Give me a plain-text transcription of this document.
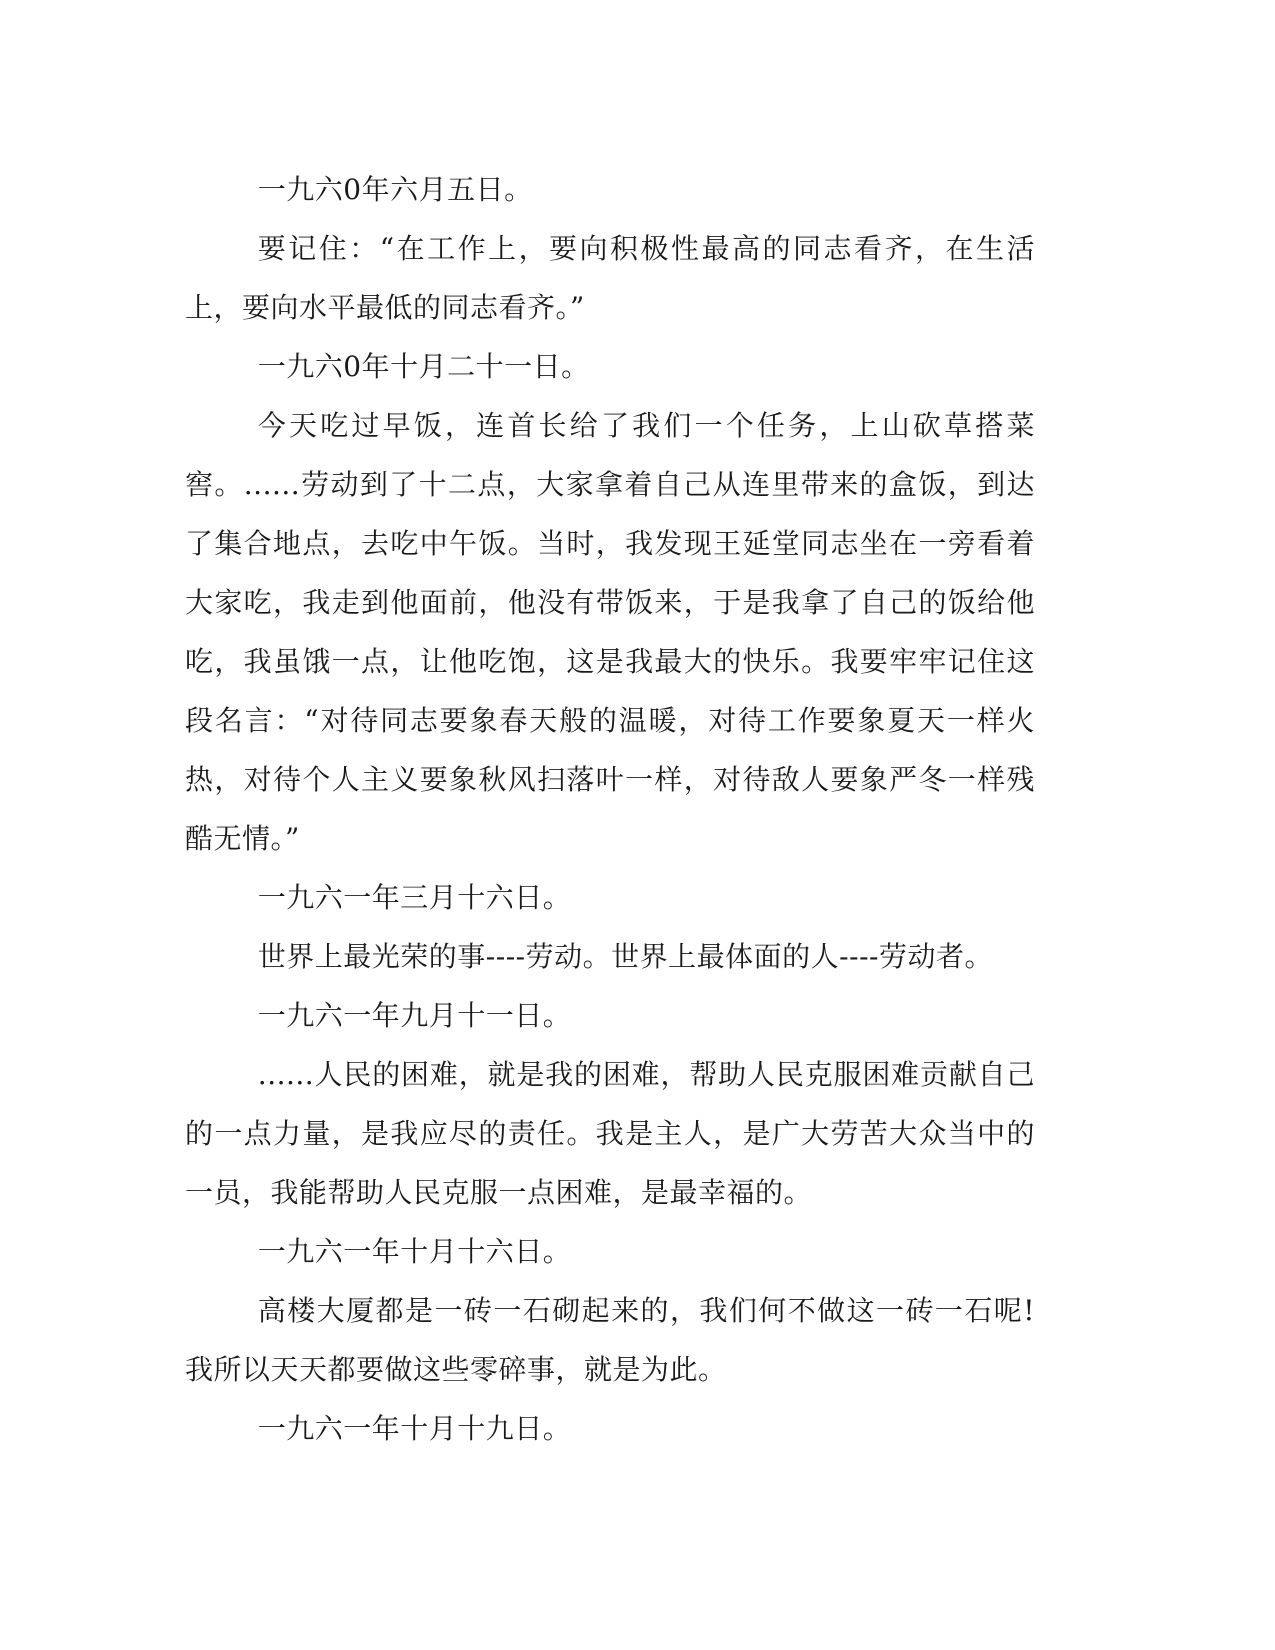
一九六0年六月五日。

要记住：“在工作上，要向积极性最高的同志看齐，在生活上，要向水平最低的同志看齐。”

一九六0年十月二十一日。

今天吃过早饭，连首长给了我们一个任务，上山砍草搭菜窖。......劳动到了十二点，大家拿着自己从连里带来的盒饭，到达了集合地点，去吃中午饭。当时，我发现王延堂同志坐在一旁看着大家吃，我走到他面前，他没有带饭来，于是我拿了自己的饭给他吃，我虽饿一点，让他吃饱，这是我最大的快乐。我要牢牢记住这段名言：“对待同志要象春天般的温暖，对待工作要象夏天一样火热，对待个人主义要象秋风扫落叶一样，对待敌人要象严冬一样残酷无情。”

一九六一年三月十六日。

世界上最光荣的事----劳动。世界上最体面的人----劳动者。

一九六一年九月十一日。

......人民的困难，就是我的困难，帮助人民克服困难贡献自己的一点力量，是我应尽的责任。我是主人，是广大劳苦大众当中的一员，我能帮助人民克服一点困难，是最幸福的。

一九六一年十月十六日。

高楼大厦都是一砖一石砌起来的，我们何不做这一砖一石呢!我所以天天都要做这些零碎事，就是为此。

一九六一年十月十九日。
